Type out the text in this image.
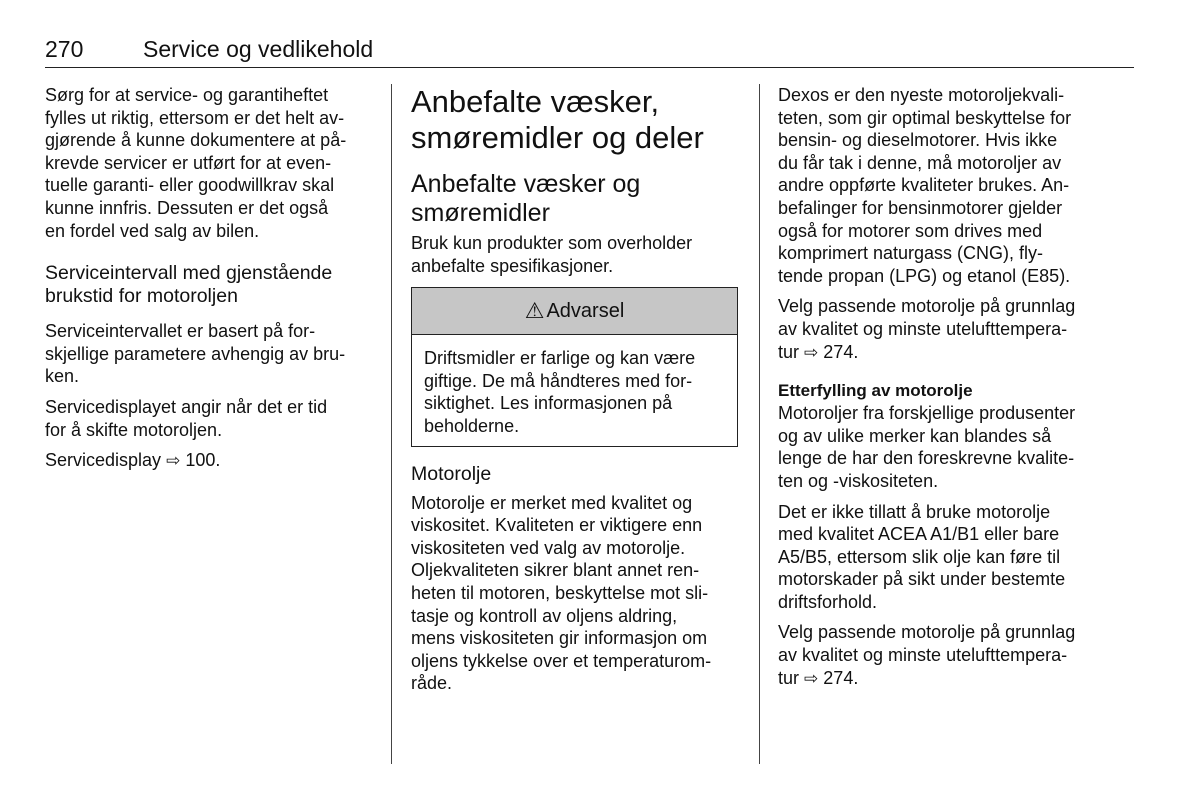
270	Service og vedlikehold

Sørg for at service- og garantiheftet
fylles ut riktig, ettersom er det helt av-
gjørende å kunne dokumentere at på-
krevde servicer er utført for at even-
tuelle garanti- eller goodwillkrav skal
kunne innfris. Dessuten er det også
en fordel ved salg av bilen.

Serviceintervall med gjenstående
brukstid for motoroljen

Serviceintervallet er basert på for-
skjellige parametere avhengig av bru-
ken.

Servicedisplayet angir når det er tid
for å skifte motoroljen.

Servicedisplay ⇨ 100.

Anbefalte væsker,
smøremidler og deler
Anbefalte væsker og
smøremidler

Bruk kun produkter som overholder
anbefalte spesifikasjoner.

⚠ Advarsel

Driftsmidler er farlige og kan være
giftige. De må håndteres med for-
siktighet. Les informasjonen på
beholderne.

Motorolje

Motorolje er merket med kvalitet og
viskositet. Kvaliteten er viktigere enn
viskositeten ved valg av motorolje.
Oljekvaliteten sikrer blant annet ren-
heten til motoren, beskyttelse mot sli-
tasje og kontroll av oljens aldring,
mens viskositeten gir informasjon om
oljens tykkelse over et temperaturom-
råde.

Dexos er den nyeste motoroljekvali-
teten, som gir optimal beskyttelse for
bensin- og dieselmotorer. Hvis ikke
du får tak i denne, må motoroljer av
andre oppførte kvaliteter brukes. An-
befalinger for bensinmotorer gjelder
også for motorer som drives med
komprimert naturgass (CNG), fly-
tende propan (LPG) og etanol (E85).

Velg passende motorolje på grunnlag
av kvalitet og minste utelufttempera-
tur ⇨ 274.

Etterfylling av motorolje

Motoroljer fra forskjellige produsenter
og av ulike merker kan blandes så
lenge de har den foreskrevne kvalite-
ten og -viskositeten.

Det er ikke tillatt å bruke motorolje
med kvalitet ACEA A1/B1 eller bare
A5/B5, ettersom slik olje kan føre til
motorskader på sikt under bestemte
driftsforhold.

Velg passende motorolje på grunnlag
av kvalitet og minste utelufttempera-
tur ⇨ 274.
